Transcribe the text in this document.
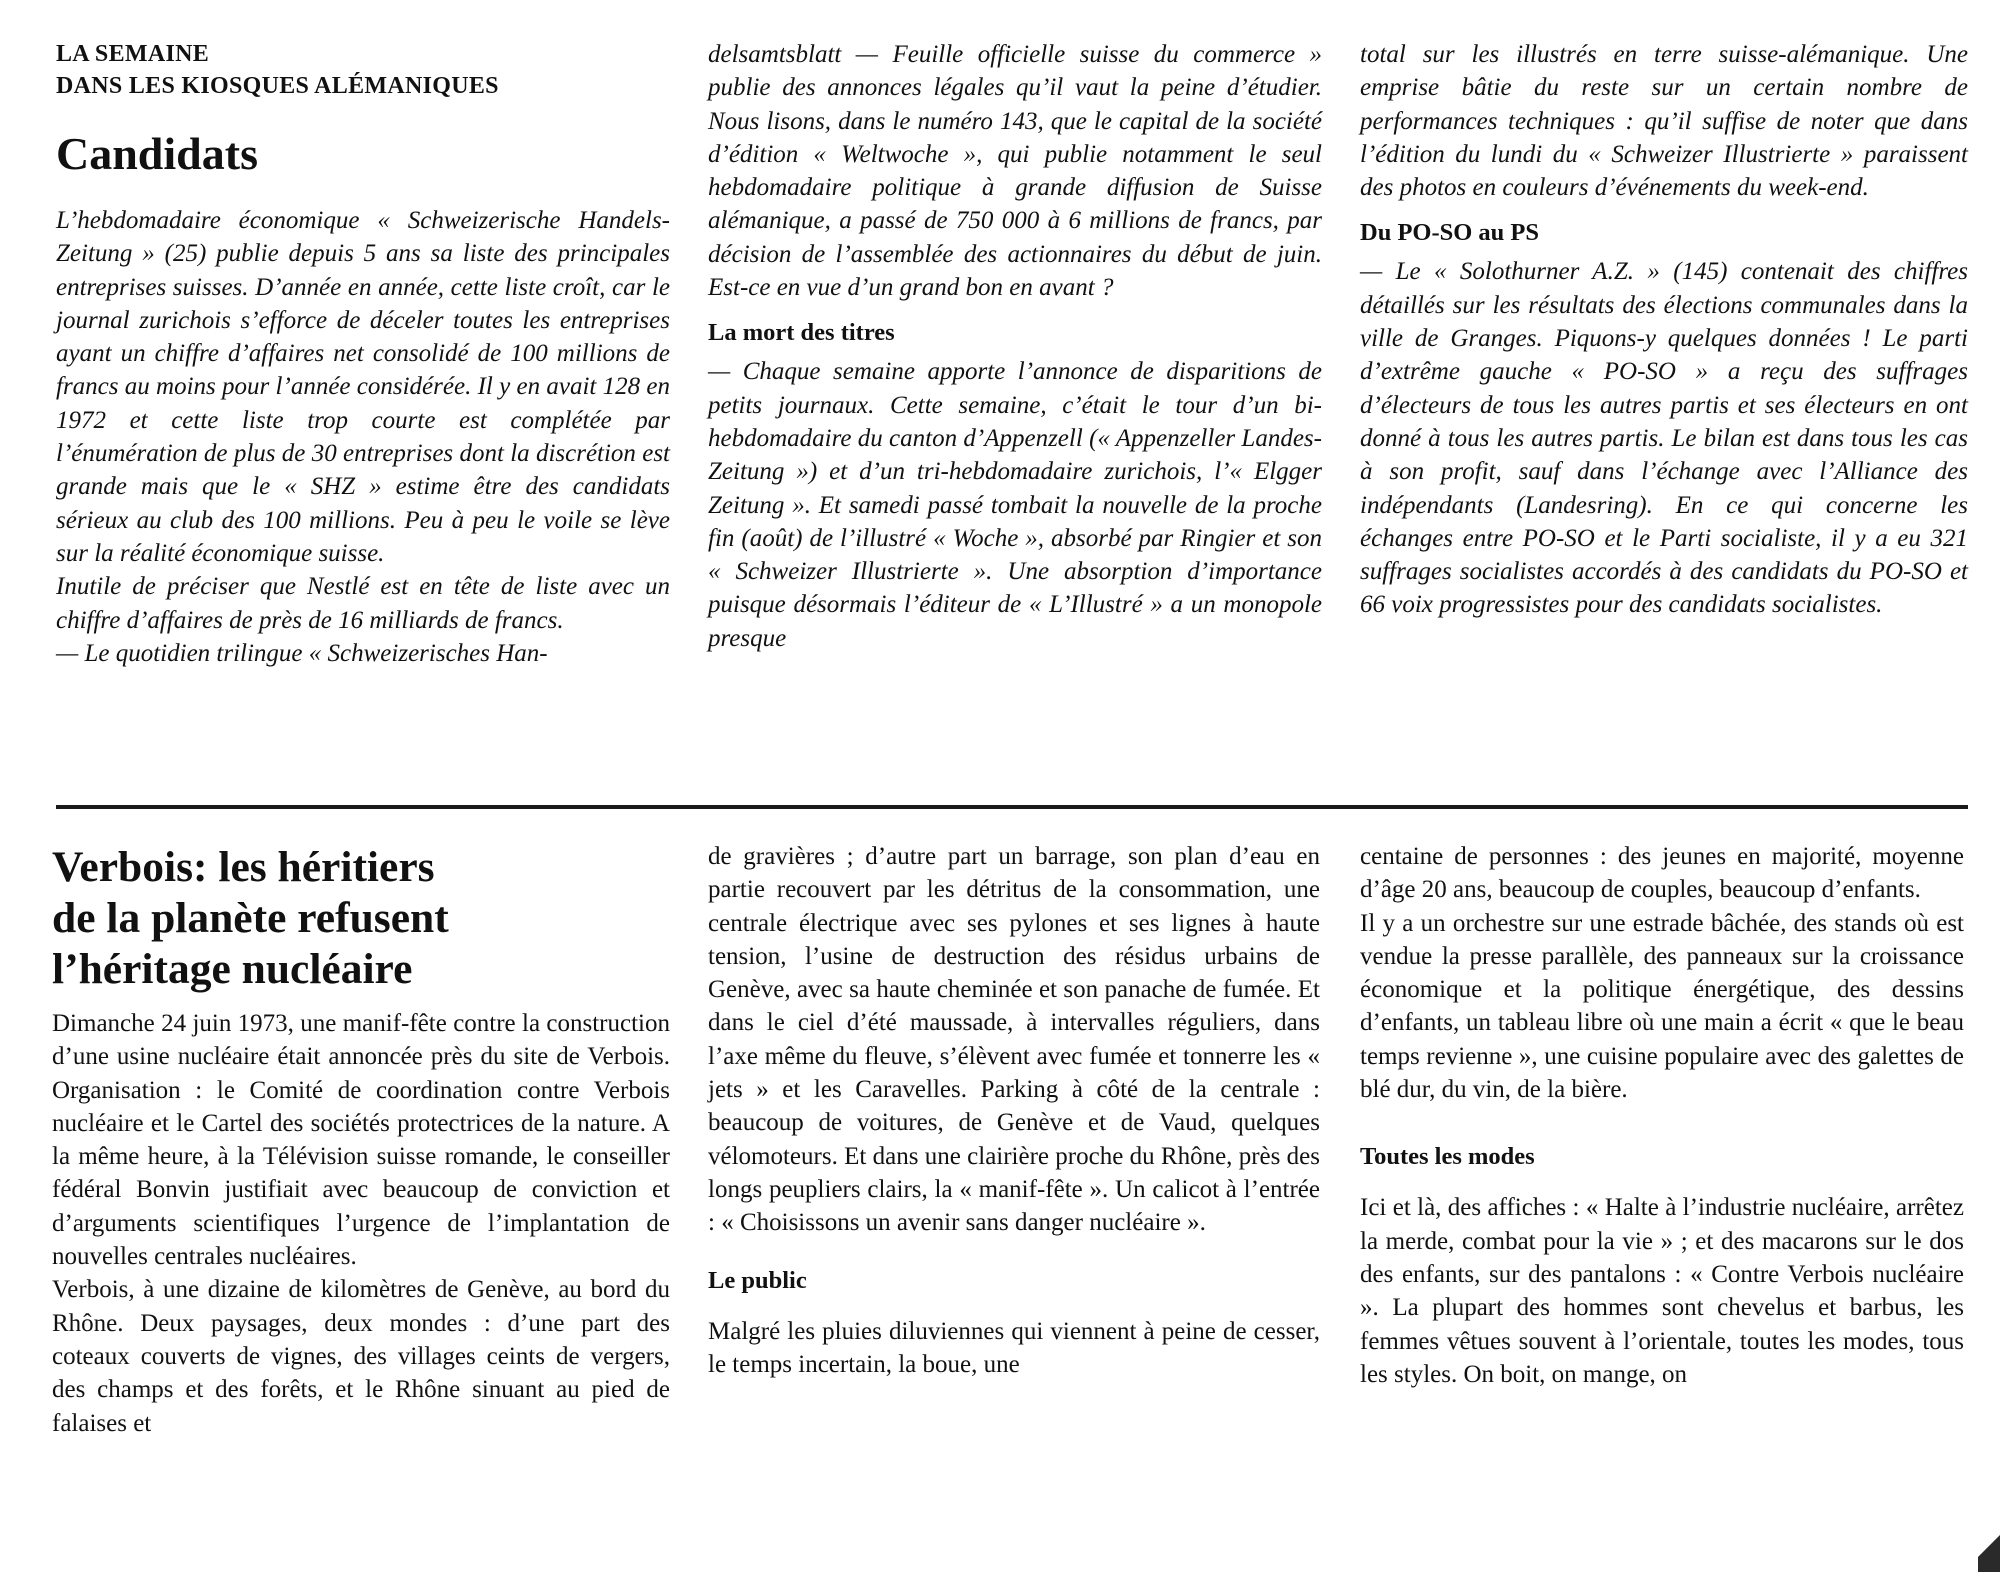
LA SEMAINE
DANS LES KIOSQUES ALÉMANIQUES
Candidats

L’hebdomadaire économique « Schweizerische Handels-Zeitung » (25) publie depuis 5 ans sa liste des principales entreprises suisses. D’année en année, cette liste croît, car le journal zurichois s’efforce de déceler toutes les entreprises ayant un chiffre d’affaires net consolidé de 100 millions de francs au moins pour l’année considérée. Il y en avait 128 en 1972 et cette liste trop courte est complétée par l’énumération de plus de 30 entreprises dont la discrétion est grande mais que le « SHZ » estime être des candidats sérieux au club des 100 millions. Peu à peu le voile se lève sur la réalité économique suisse.

Inutile de préciser que Nestlé est en tête de liste avec un chiffre d’affaires de près de 16 milliards de francs.

— Le quotidien trilingue « Schweizerisches Han-

delsamtsblatt — Feuille officielle suisse du commerce » publie des annonces légales qu’il vaut la peine d’étudier. Nous lisons, dans le numéro 143, que le capital de la société d’édition « Weltwoche », qui publie notamment le seul hebdomadaire politique à grande diffusion de Suisse alémanique, a passé de 750 000 à 6 millions de francs, par décision de l’assemblée des actionnaires du début de juin. Est-ce en vue d’un grand bon en avant ?

La mort des titres

— Chaque semaine apporte l’annonce de disparitions de petits journaux. Cette semaine, c’était le tour d’un bi-hebdomadaire du canton d’Appenzell (« Appenzeller Landes-Zeitung ») et d’un tri-hebdomadaire zurichois, l’« Elgger Zeitung ». Et samedi passé tombait la nouvelle de la proche fin (août) de l’illustré « Woche », absorbé par Ringier et son « Schweizer Illustrierte ». Une absorption d’importance puisque désormais l’éditeur de « L’Illustré » a un monopole presque

total sur les illustrés en terre suisse-alémanique. Une emprise bâtie du reste sur un certain nombre de performances techniques : qu’il suffise de noter que dans l’édition du lundi du « Schweizer Illustrierte » paraissent des photos en couleurs d’événements du week-end.

Du PO-SO au PS

— Le « Solothurner A.Z. » (145) contenait des chiffres détaillés sur les résultats des élections communales dans la ville de Granges. Piquons-y quelques données ! Le parti d’extrême gauche « PO-SO » a reçu des suffrages d’électeurs de tous les autres partis et ses électeurs en ont donné à tous les autres partis. Le bilan est dans tous les cas à son profit, sauf dans l’échange avec l’Alliance des indépendants (Landesring). En ce qui concerne les échanges entre PO-SO et le Parti socialiste, il y a eu 321 suffrages socialistes accordés à des candidats du PO-SO et 66 voix progressistes pour des candidats socialistes.

Verbois: les héritiers
de la planète refusent
l’héritage nucléaire

Dimanche 24 juin 1973, une manif-fête contre la construction d’une usine nucléaire était annoncée près du site de Verbois. Organisation : le Comité de coordination contre Verbois nucléaire et le Cartel des sociétés protectrices de la nature. A la même heure, à la Télévision suisse romande, le conseiller fédéral Bonvin justifiait avec beaucoup de conviction et d’arguments scientifiques l’urgence de l’implantation de nouvelles centrales nucléaires.

Verbois, à une dizaine de kilomètres de Genève, au bord du Rhône. Deux paysages, deux mondes : d’une part des coteaux couverts de vignes, des villages ceints de vergers, des champs et des forêts, et le Rhône sinuant au pied de falaises et

de gravières ; d’autre part un barrage, son plan d’eau en partie recouvert par les détritus de la consommation, une centrale électrique avec ses pylones et ses lignes à haute tension, l’usine de destruction des résidus urbains de Genève, avec sa haute cheminée et son panache de fumée. Et dans le ciel d’été maussade, à intervalles réguliers, dans l’axe même du fleuve, s’élèvent avec fumée et tonnerre les « jets » et les Caravelles. Parking à côté de la centrale : beaucoup de voitures, de Genève et de Vaud, quelques vélomoteurs. Et dans une clairière proche du Rhône, près des longs peupliers clairs, la « manif-fête ». Un calicot à l’entrée : « Choisissons un avenir sans danger nucléaire ».

Le public

Malgré les pluies diluviennes qui viennent à peine de cesser, le temps incertain, la boue, une

centaine de personnes : des jeunes en majorité, moyenne d’âge 20 ans, beaucoup de couples, beaucoup d’enfants.

Il y a un orchestre sur une estrade bâchée, des stands où est vendue la presse parallèle, des panneaux sur la croissance économique et la politique énergétique, des dessins d’enfants, un tableau libre où une main a écrit « que le beau temps revienne », une cuisine populaire avec des galettes de blé dur, du vin, de la bière.

Toutes les modes

Ici et là, des affiches : « Halte à l’industrie nucléaire, arrêtez la merde, combat pour la vie » ; et des macarons sur le dos des enfants, sur des pantalons : « Contre Verbois nucléaire ». La plupart des hommes sont chevelus et barbus, les femmes vêtues souvent à l’orientale, toutes les modes, tous les styles. On boit, on mange, on
